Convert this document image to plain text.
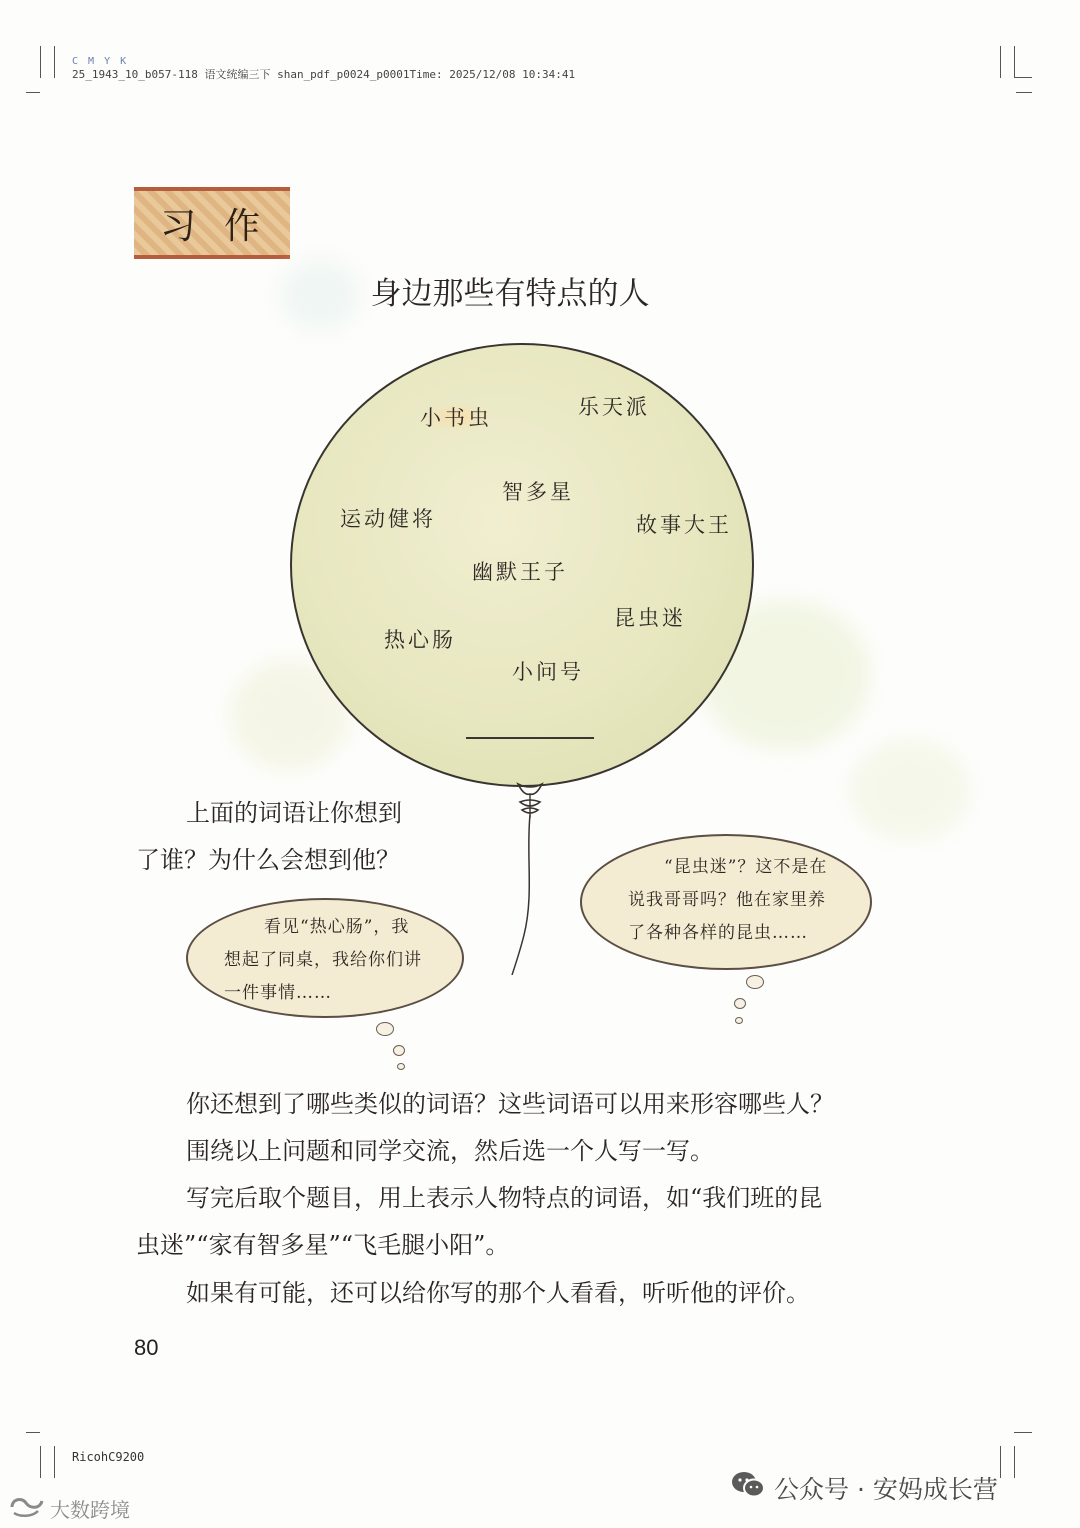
C M Y K
25_1943_10_b057-118 语文统编三下 shan_pdf_p0024_p0001Time: 2025/12/08 10:34:41
习作
身边那些有特点的人
小书虫	乐天派
智多星
运动健将	故事大王
幽默王子
昆虫迷
热心肠
小问号
上面的词语让你想到
了谁？为什么会想到他？
看见“热心肠”，我
想起了同桌，我给你们讲
一件事情……
“昆虫迷”？这不是在
说我哥哥吗？他在家里养
了各种各样的昆虫……
你还想到了哪些类似的词语？这些词语可以用来形容哪些人？
围绕以上问题和同学交流，然后选一个人写一写。
写完后取个题目，用上表示人物特点的词语，如“我们班的昆
虫迷”“家有智多星”“飞毛腿小阳”。
如果有可能，还可以给你写的那个人看看，听听他的评价。
80
RicohC9200
公众号 · 安妈成长营
大数跨境
